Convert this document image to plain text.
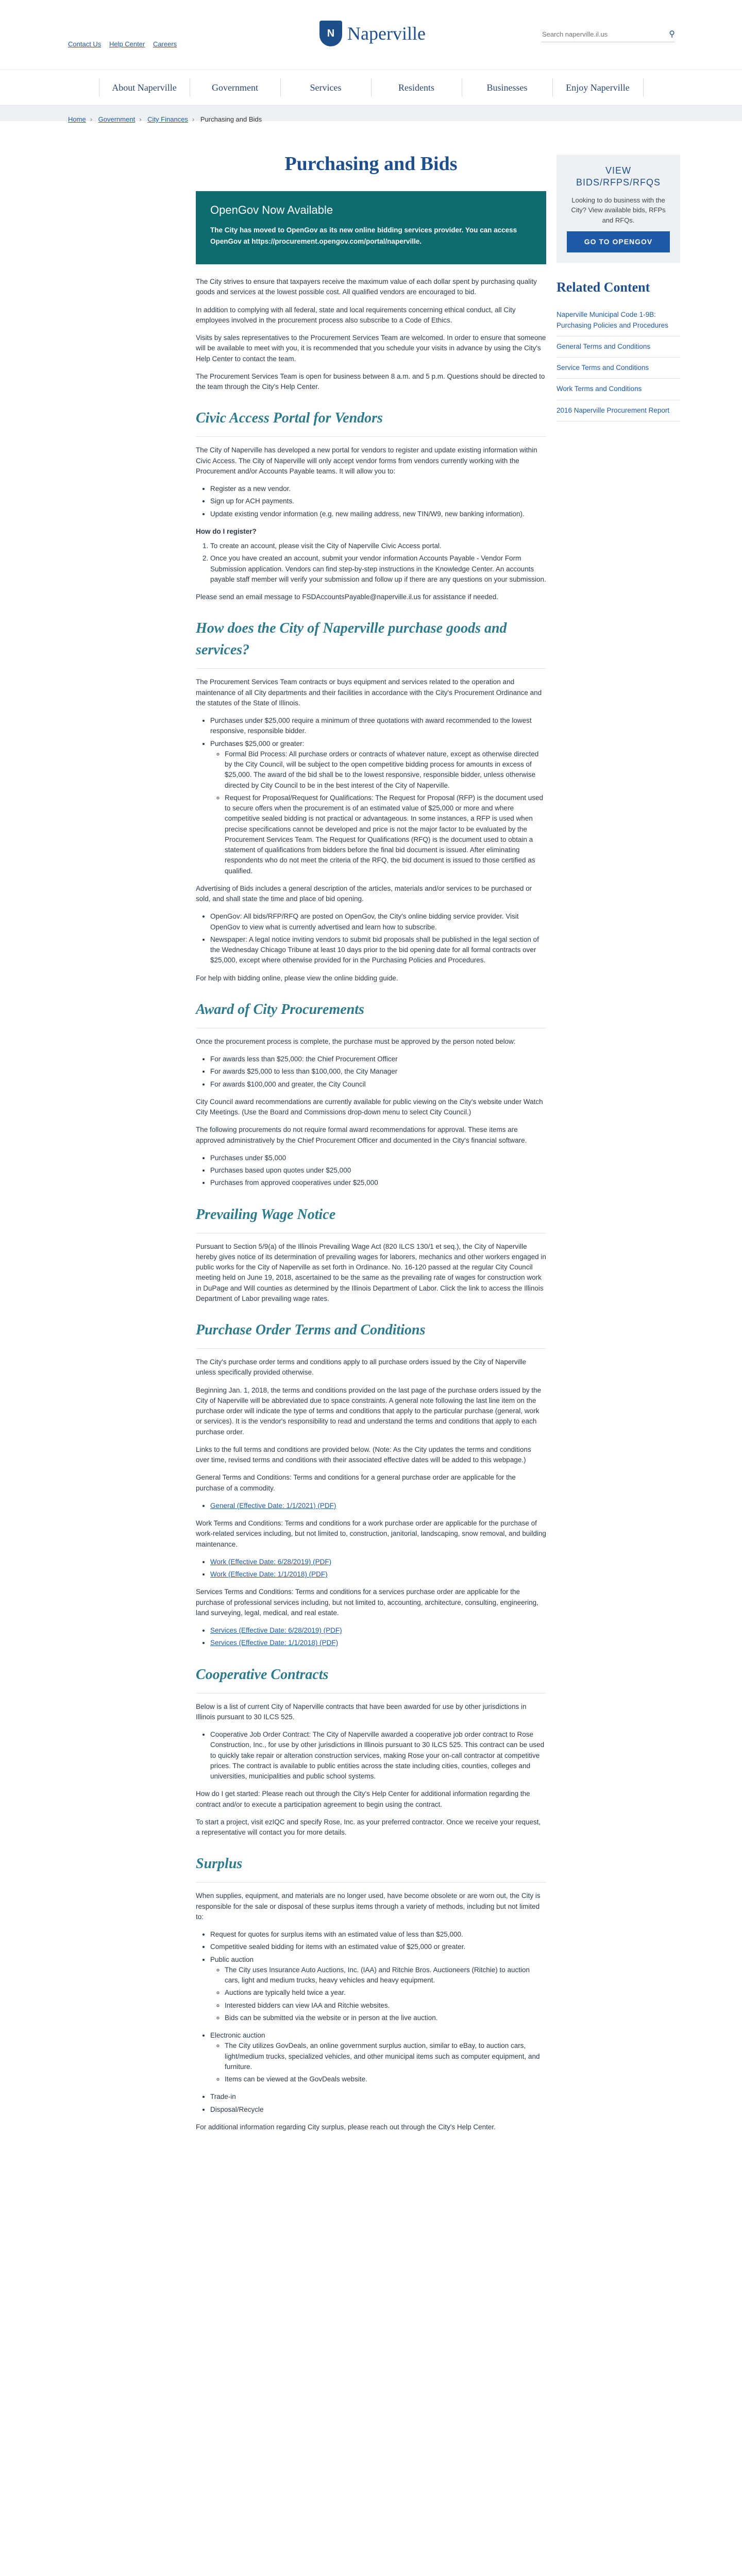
Contact Us Help Center Careers
N Naperville
Search naperville.il.us	⚲
About Naperville	Government	Services	Residents	Businesses	Enjoy Naperville
Home › Government › City Finances › Purchasing and Bids
Purchasing and Bids
OpenGov Now Available

The City has moved to OpenGov as its new online bidding services provider. You can access OpenGov at https://procurement.opengov.com/portal/naperville.

The City strives to ensure that taxpayers receive the maximum value of each dollar spent by purchasing quality goods and services at the lowest possible cost. All qualified vendors are encouraged to bid.

In addition to complying with all federal, state and local requirements concerning ethical conduct, all City employees involved in the procurement process also subscribe to a Code of Ethics.

Visits by sales representatives to the Procurement Services Team are welcomed. In order to ensure that someone will be available to meet with you, it is recommended that you schedule your visits in advance by using the City's Help Center to contact the team.

The Procurement Services Team is open for business between 8 a.m. and 5 p.m. Questions should be directed to the team through the City's Help Center.

Civic Access Portal for Vendors

The City of Naperville has developed a new portal for vendors to register and update existing information within Civic Access. The City of Naperville will only accept vendor forms from vendors currently working with the Procurement and/or Accounts Payable teams. It will allow you to:

• Register as a new vendor.
• Sign up for ACH payments.
• Update existing vendor information (e.g. new mailing address, new TIN/W9, new banking information).
How do I register?
1. To create an account, please visit the City of Naperville Civic Access portal.
2. Once you have created an account, submit your vendor information Accounts Payable - Vendor Form Submission application. Vendors can find step-by-step instructions in the Knowledge Center. An accounts payable staff member will verify your submission and follow up if there are any questions on your submission.

Please send an email message to FSDAccountsPayable@naperville.il.us for assistance if needed.

How does the City of Naperville purchase goods and services?

The Procurement Services Team contracts or buys equipment and services related to the operation and maintenance of all City departments and their facilities in accordance with the City's Procurement Ordinance and the statutes of the State of Illinois.

• Purchases under $25,000 require a minimum of three quotations with award recommended to the lowest responsive, responsible bidder.
• Purchases $25,000 or greater:
◦ Formal Bid Process: All purchase orders or contracts of whatever nature, except as otherwise directed by the City Council, will be subject to the open competitive bidding process for amounts in excess of $25,000. The award of the bid shall be to the lowest responsive, responsible bidder, unless otherwise directed by City Council to be in the best interest of the City of Naperville.
◦ Request for Proposal/Request for Qualifications: The Request for Proposal (RFP) is the document used to secure offers when the procurement is of an estimated value of $25,000 or more and where competitive sealed bidding is not practical or advantageous. In some instances, a RFP is used when precise specifications cannot be developed and price is not the major factor to be evaluated by the Procurement Services Team. The Request for Qualifications (RFQ) is the document used to obtain a statement of qualifications from bidders before the final bid document is issued. After eliminating respondents who do not meet the criteria of the RFQ, the bid document is issued to those certified as qualified.

Advertising of Bids includes a general description of the articles, materials and/or services to be purchased or sold, and shall state the time and place of bid opening.

• OpenGov: All bids/RFP/RFQ are posted on OpenGov, the City's online bidding service provider. Visit OpenGov to view what is currently advertised and learn how to subscribe.
• Newspaper: A legal notice inviting vendors to submit bid proposals shall be published in the legal section of the Wednesday Chicago Tribune at least 10 days prior to the bid opening date for all formal contracts over $25,000, except where otherwise provided for in the Purchasing Policies and Procedures.

For help with bidding online, please view the online bidding guide.

Award of City Procurements

Once the procurement process is complete, the purchase must be approved by the person noted below:

• For awards less than $25,000: the Chief Procurement Officer
• For awards $25,000 to less than $100,000, the City Manager
• For awards $100,000 and greater, the City Council

City Council award recommendations are currently available for public viewing on the City's website under Watch City Meetings. (Use the Board and Commissions drop-down menu to select City Council.)

The following procurements do not require formal award recommendations for approval. These items are approved administratively by the Chief Procurement Officer and documented in the City's financial software.

• Purchases under $5,000
• Purchases based upon quotes under $25,000
• Purchases from approved cooperatives under $25,000
Prevailing Wage Notice

Pursuant to Section 5/9(a) of the Illinois Prevailing Wage Act (820 ILCS 130/1 et seq.), the City of Naperville hereby gives notice of its determination of prevailing wages for laborers, mechanics and other workers engaged in public works for the City of Naperville as set forth in Ordinance. No. 16-120 passed at the regular City Council meeting held on June 19, 2018, ascertained to be the same as the prevailing rate of wages for construction work in DuPage and Will counties as determined by the Illinois Department of Labor. Click the link to access the Illinois Department of Labor prevailing wage rates.

Purchase Order Terms and Conditions

The City's purchase order terms and conditions apply to all purchase orders issued by the City of Naperville unless specifically provided otherwise.

Beginning Jan. 1, 2018, the terms and conditions provided on the last page of the purchase orders issued by the City of Naperville will be abbreviated due to space constraints. A general note following the last line item on the purchase order will indicate the type of terms and conditions that apply to the particular purchase (general, work or services). It is the vendor's responsibility to read and understand the terms and conditions that apply to each purchase order.

Links to the full terms and conditions are provided below. (Note: As the City updates the terms and conditions over time, revised terms and conditions with their associated effective dates will be added to this webpage.)

General Terms and Conditions: Terms and conditions for a general purchase order are applicable for the purchase of a commodity.

• General (Effective Date: 1/1/2021) (PDF)

Work Terms and Conditions: Terms and conditions for a work purchase order are applicable for the purchase of work-related services including, but not limited to, construction, janitorial, landscaping, snow removal, and building maintenance.

• Work (Effective Date: 6/28/2019) (PDF)
• Work (Effective Date: 1/1/2018) (PDF)

Services Terms and Conditions: Terms and conditions for a services purchase order are applicable for the purchase of professional services including, but not limited to, accounting, architecture, consulting, engineering, land surveying, legal, medical, and real estate.

• Services (Effective Date: 6/28/2019) (PDF)
• Services (Effective Date: 1/1/2018) (PDF)
Cooperative Contracts

Below is a list of current City of Naperville contracts that have been awarded for use by other jurisdictions in Illinois pursuant to 30 ILCS 525.

• Cooperative Job Order Contract: The City of Naperville awarded a cooperative job order contract to Rose Construction, Inc., for use by other jurisdictions in Illinois pursuant to 30 ILCS 525. This contract can be used to quickly take repair or alteration construction services, making Rose your on-call contractor at competitive prices. The contract is available to public entities across the state including cities, counties, colleges and universities, municipalities and public school systems.

How do I get started: Please reach out through the City's Help Center for additional information regarding the contract and/or to execute a participation agreement to begin using the contract.

To start a project, visit ezIQC and specify Rose, Inc. as your preferred contractor. Once we receive your request, a representative will contact you for more details.

Surplus

When supplies, equipment, and materials are no longer used, have become obsolete or are worn out, the City is responsible for the sale or disposal of these surplus items through a variety of methods, including but not limited to:

• Request for quotes for surplus items with an estimated value of less than $25,000.
• Competitive sealed bidding for items with an estimated value of $25,000 or greater.
• Public auction
◦ The City uses Insurance Auto Auctions, Inc. (IAA) and Ritchie Bros. Auctioneers (Ritchie) to auction cars, light and medium trucks, heavy vehicles and heavy equipment.
◦ Auctions are typically held twice a year.
◦ Interested bidders can view IAA and Ritchie websites.
◦ Bids can be submitted via the website or in person at the live auction.
• Electronic auction
◦ The City utilizes GovDeals, an online government surplus auction, similar to eBay, to auction cars, light/medium trucks, specialized vehicles, and other municipal items such as computer equipment, and furniture.
◦ Items can be viewed at the GovDeals website.
• Trade-in
• Disposal/Recycle

For additional information regarding City surplus, please reach out through the City's Help Center.

VIEW BIDS/RFPS/RFQS
Looking to do business with the City? View available bids, RFPs and RFQs.
GO TO OPENGOV
Related Content
Naperville Municipal Code 1-9B: Purchasing Policies and Procedures
General Terms and Conditions
Service Terms and Conditions
Work Terms and Conditions
2016 Naperville Procurement Report
